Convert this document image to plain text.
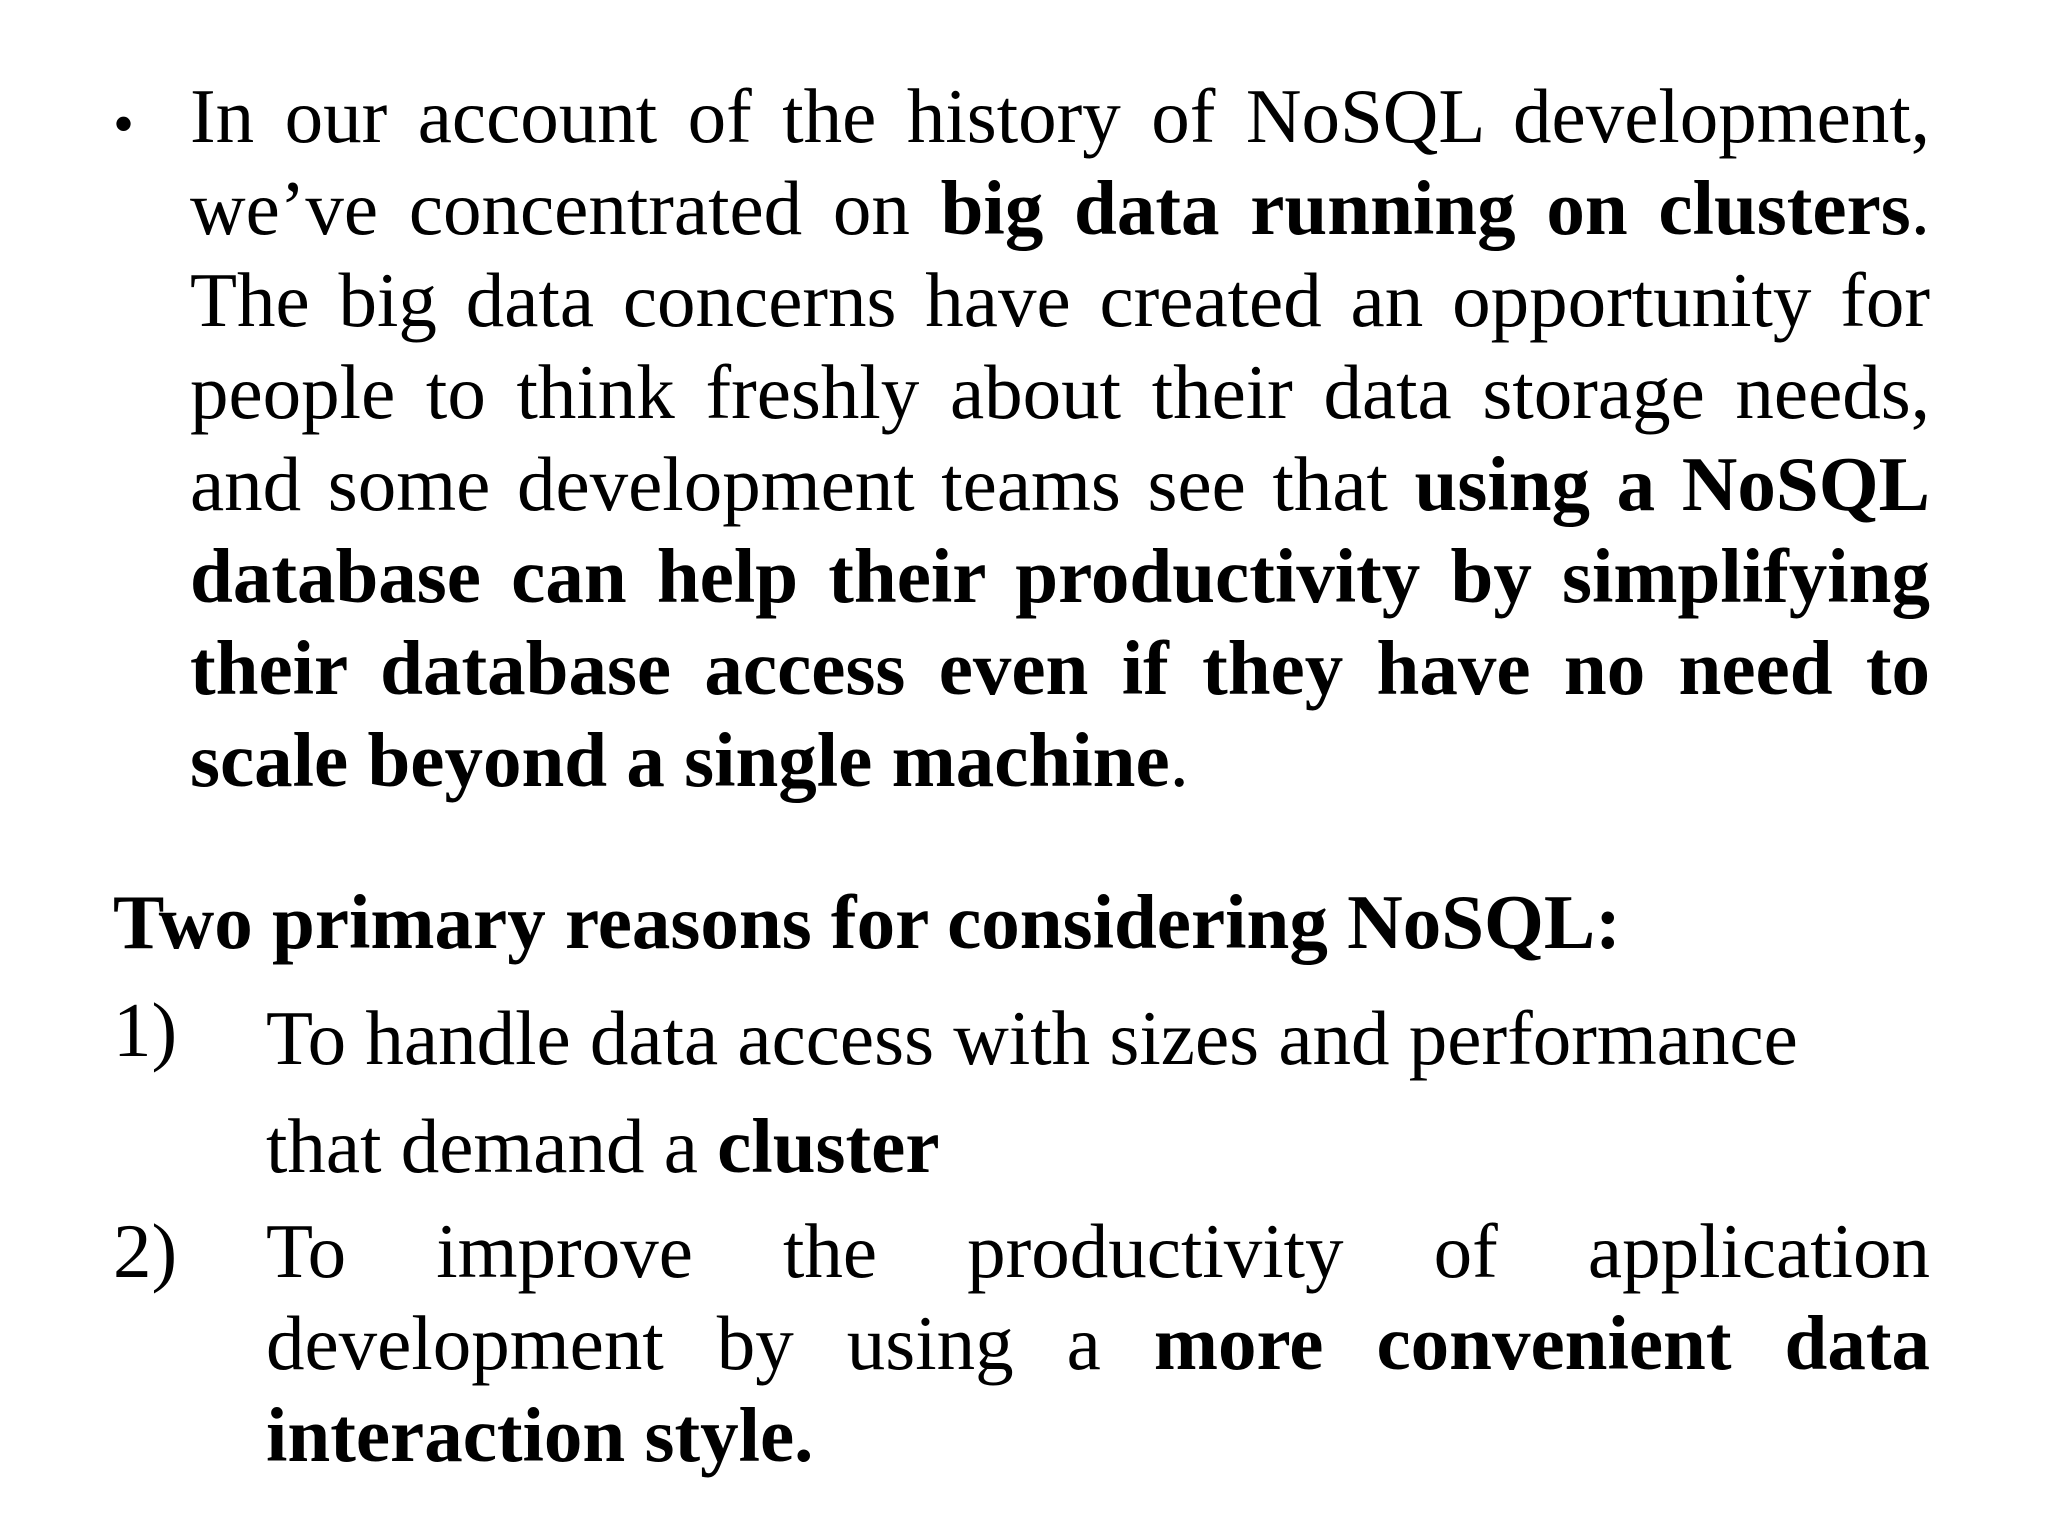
• In our account of the history of NoSQL development, we’ve concentrated on big data running on clusters. The big data concerns have created an opportunity for people to think freshly about their data storage needs, and some development teams see that using a NoSQL database can help their productivity by simplifying their database access even if they have no need to scale beyond a single machine.
Two primary reasons for considering NoSQL:
1) To handle data access with sizes and performance that demand a cluster
2) To improve the productivity of application development by using a more convenient data interaction style.
